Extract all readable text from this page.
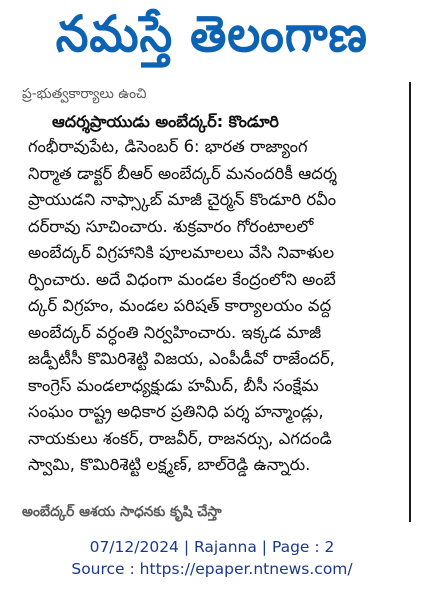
నమస్తే తెలంగాణ
ప్ర-భుత్వకార్యాలు ఉంచి
ఆదర్శప్రాయుడు అంబేద్కర్: కొండూరి
గంభీరావుపేట, డిసెంబర్ 6: భారత రాజ్యాంగ
నిర్మాత డాక్టర్ బీఆర్ అంబేద్కర్ మనందరికీ ఆదర్శ
ప్రాయుడని నాఫ్స్కాబ్ మాజీ చైర్మన్ కొండూరి రవీం
దర్‌రావు సూచించారు. శుక్రవారం గోరంటాలలో
అంబేద్కర్ విగ్రహానికి పూలమాలలు వేసి నివాళుల
ర్పించారు. అదే విధంగా మండల కేంద్రంలోని అంబే
ద్కర్ విగ్రహం, మండల పరిషత్ కార్యాలయం వద్ద
అంబేద్కర్ వర్ధంతి నిర్వహించారు. ఇక్కడ మాజీ
జడ్పీటీసీ కొమిరిశెట్టి విజయ, ఎంపీడీవో రాజేందర్,
కాంగ్రెస్ మండలాధ్యక్షుడు హమీద్, బీసీ సంక్షేమ
సంఘం రాష్ట్ర అధికార ప్రతినిధి పర్శ హన్మాండ్లు,
నాయకులు శంకర్, రాజవీర్, రాజనర్సు, ఎగదండి
స్వామి, కొమిరిశెట్టి లక్ష్మణ్, బాల్‌రెడ్డి ఉన్నారు.
అంబేద్కర్ ఆశయ సాధనకు కృషి చేస్తా
07/12/2024 | Rajanna | Page : 2
Source : https://epaper.ntnews.com/
